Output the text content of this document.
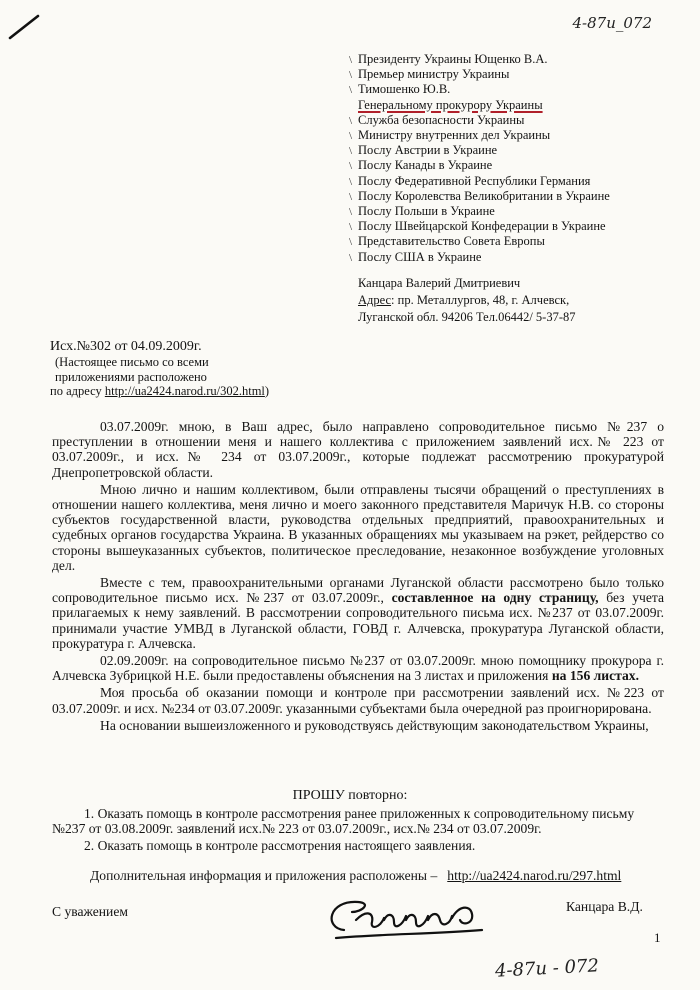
4-87и_072
\ Президенту Украины Ющенко В.А.
\ Премьер министру Украины
\ Тимошенко Ю.В.
Генеральному прокурору Украины
\ Служба безопасности Украины
\ Министру внутренних дел Украины
\ Послу Австрии в Украине
\ Послу Канады в Украине
\ Послу Федеративной Республики Германия
\ Послу Королевства Великобритании в Украине
\ Послу Польши в Украине
\ Послу Швейцарской Конфедерации в Украине
\ Представительство Совета Европы
\ Послу США в Украине
Канцара Валерий Дмитриевич
Адрес: пр. Металлургов, 48, г. Алчевск,
Луганской обл. 94206 Тел.06442/ 5-37-87
Исх.№302 от 04.09.2009г.
(Настоящее письмо со всеми
приложениями расположено
по адресу http://ua2424.narod.ru/302.html)

03.07.2009г. мною, в Ваш адрес, было направлено сопроводительное письмо №237 о преступлении в отношении меня и нашего коллектива с приложением заявлений исх.№ 223 от 03.07.2009г., и исх.№ 234 от 03.07.2009г., которые подлежат рассмотрению прокуратурой Днепропетровской области.

Мною лично и нашим коллективом, были отправлены тысячи обращений о преступлениях в отношении нашего коллектива, меня лично и моего законного представителя Маричук Н.В. со стороны субъектов государственной власти, руководства отдельных предприятий, правоохранительных и судебных органов государства Украина. В указанных обращениях мы указываем на рэкет, рейдерство со стороны вышеуказанных субъектов, политическое преследование, незаконное возбуждение уголовных дел.

Вместе с тем, правоохранительными органами Луганской области рассмотрено было только сопроводительное письмо исх. №237 от 03.07.2009г., составленное на одну страницу, без учета прилагаемых к нему заявлений. В рассмотрении сопроводительного письма исх. №237 от 03.07.2009г. принимали участие УМВД в Луганской области, ГОВД г. Алчевска, прокуратура Луганской области, прокуратура г. Алчевска.

02.09.2009г. на сопроводительное письмо №237 от 03.07.2009г. мною помощнику прокурора г. Алчевска Зубрицкой Н.Е. были предоставлены объяснения на 3 листах и приложения на 156 листах.

Моя просьба об оказании помощи и контроле при рассмотрении заявлений исх. №223 от 03.07.2009г. и исх. №234 от 03.07.2009г. указанными субъектами была очередной раз проигнорирована.

На основании вышеизложенного и руководствуясь действующим законодательством Украины,

ПРОШУ повторно:
1. Оказать помощь в контроле рассмотрения ранее приложенных к сопроводительному письму №237 от 03.08.2009г. заявлений исх.№ 223 от 03.07.2009г., исх.№ 234 от 03.07.2009г.
2. Оказать помощь в контроле рассмотрения настоящего заявления.
Дополнительная информация и приложения расположены – http://ua2424.narod.ru/297.html
С уважением	Канцара В.Д.
1
4-87и - 072
